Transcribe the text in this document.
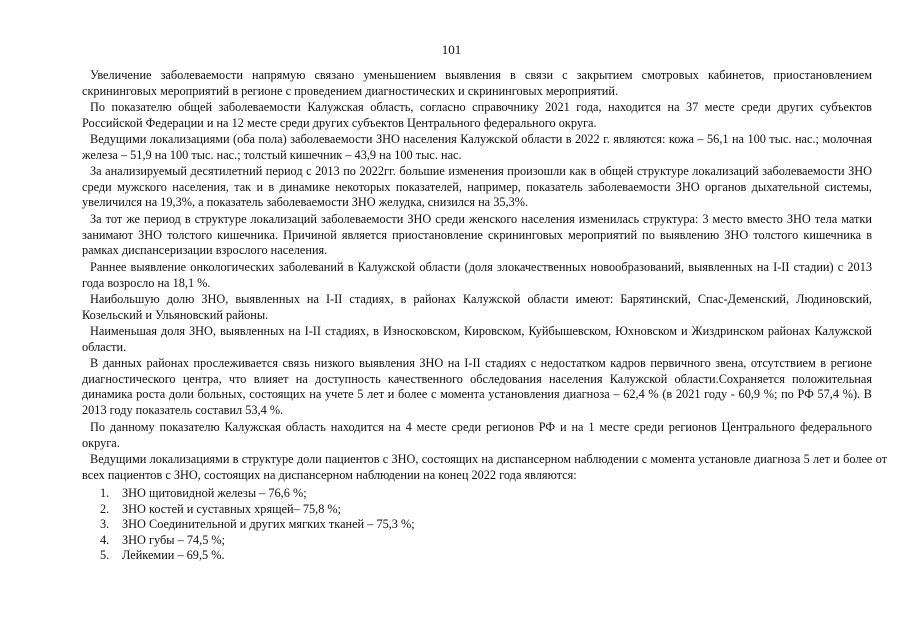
101

Увеличение заболеваемости напрямую связано уменьшением выявления в связи с закрытием смотровых кабинетов, приостановлением скрининговых мероприятий в регионе с проведением диагностических и скрининговых мероприятий.

По показателю общей заболеваемости Калужская область, согласно справочнику 2021 года, находится на 37 месте среди других субъектов Российской Федерации и на 12 месте среди других субъектов Центрального федерального округа.

Ведущими локализациями (оба пола) заболеваемости ЗНО населения Калужской области в 2022 г. являются: кожа – 56,1 на 100 тыс. нас.; молочная железа – 51,9 на 100 тыс. нас.; толстый кишечник – 43,9 на 100 тыс. нас.

За анализируемый десятилетний период с 2013 по 2022гг. большие изменения произошли как в общей структуре локализаций заболеваемости ЗНО среди мужского населения, так и в динамике некоторых показателей, например, показатель заболеваемости ЗНО органов дыхательной системы, увеличился на 19,3%, а показатель заболеваемости ЗНО желудка, снизился на 35,3%.

За тот же период в структуре локализаций заболеваемости ЗНО среди женского населения изменилась структура: 3 место вместо ЗНО тела матки занимают ЗНО толстого кишечника. Причиной является приостановление скрининговых мероприятий по выявлению ЗНО толстого кишечника в рамках диспансеризации взрослого населения.

Раннее выявление онкологических заболеваний в Калужской области (доля злокачественных новообразований, выявленных на I-II стадии) с 2013 года возросло на 18,1 %.

Наибольшую долю ЗНО, выявленных на I-II стадиях, в районах Калужской области имеют: Барятинский, Спас-Деменский, Людиновский, Козельский и Ульяновский районы.

Наименьшая доля ЗНО, выявленных на I-II стадиях, в Износковском, Кировском, Куйбышевском, Юхновском и Жиздринском районах Калужской области.

В данных районах прослеживается связь низкого выявления ЗНО на I-II стадиях с недостатком кадров первичного звена, отсутствием в регионе диагностического центра, что влияет на доступность качественного обследования населения Калужской области.Сохраняется положительная динамика роста доли больных, состоящих на учете 5 лет и более с момента установления диагноза – 62,4 % (в 2021 году - 60,9 %; по РФ 57,4 %). В 2013 году показатель составил 53,4 %.

По данному показателю Калужская область находится на 4 месте среди регионов РФ и на 1 месте среди регионов Центрального федерального округа.

Ведущими локализациями в структуре доли пациентов с ЗНО, состоящих на диспансерном наблюдении с момента установле диагноза 5 лет и более от всех пациентов с ЗНО, состоящих на диспансерном наблюдении на конец 2022 года являются:

1.	ЗНО щитовидной железы – 76,6 %;
2.	ЗНО костей и суставных хрящей– 75,8 %;
3.	ЗНО Соединительной и других мягких тканей – 75,3 %;
4.	ЗНО губы – 74,5 %;
5.	Лейкемии – 69,5 %.
